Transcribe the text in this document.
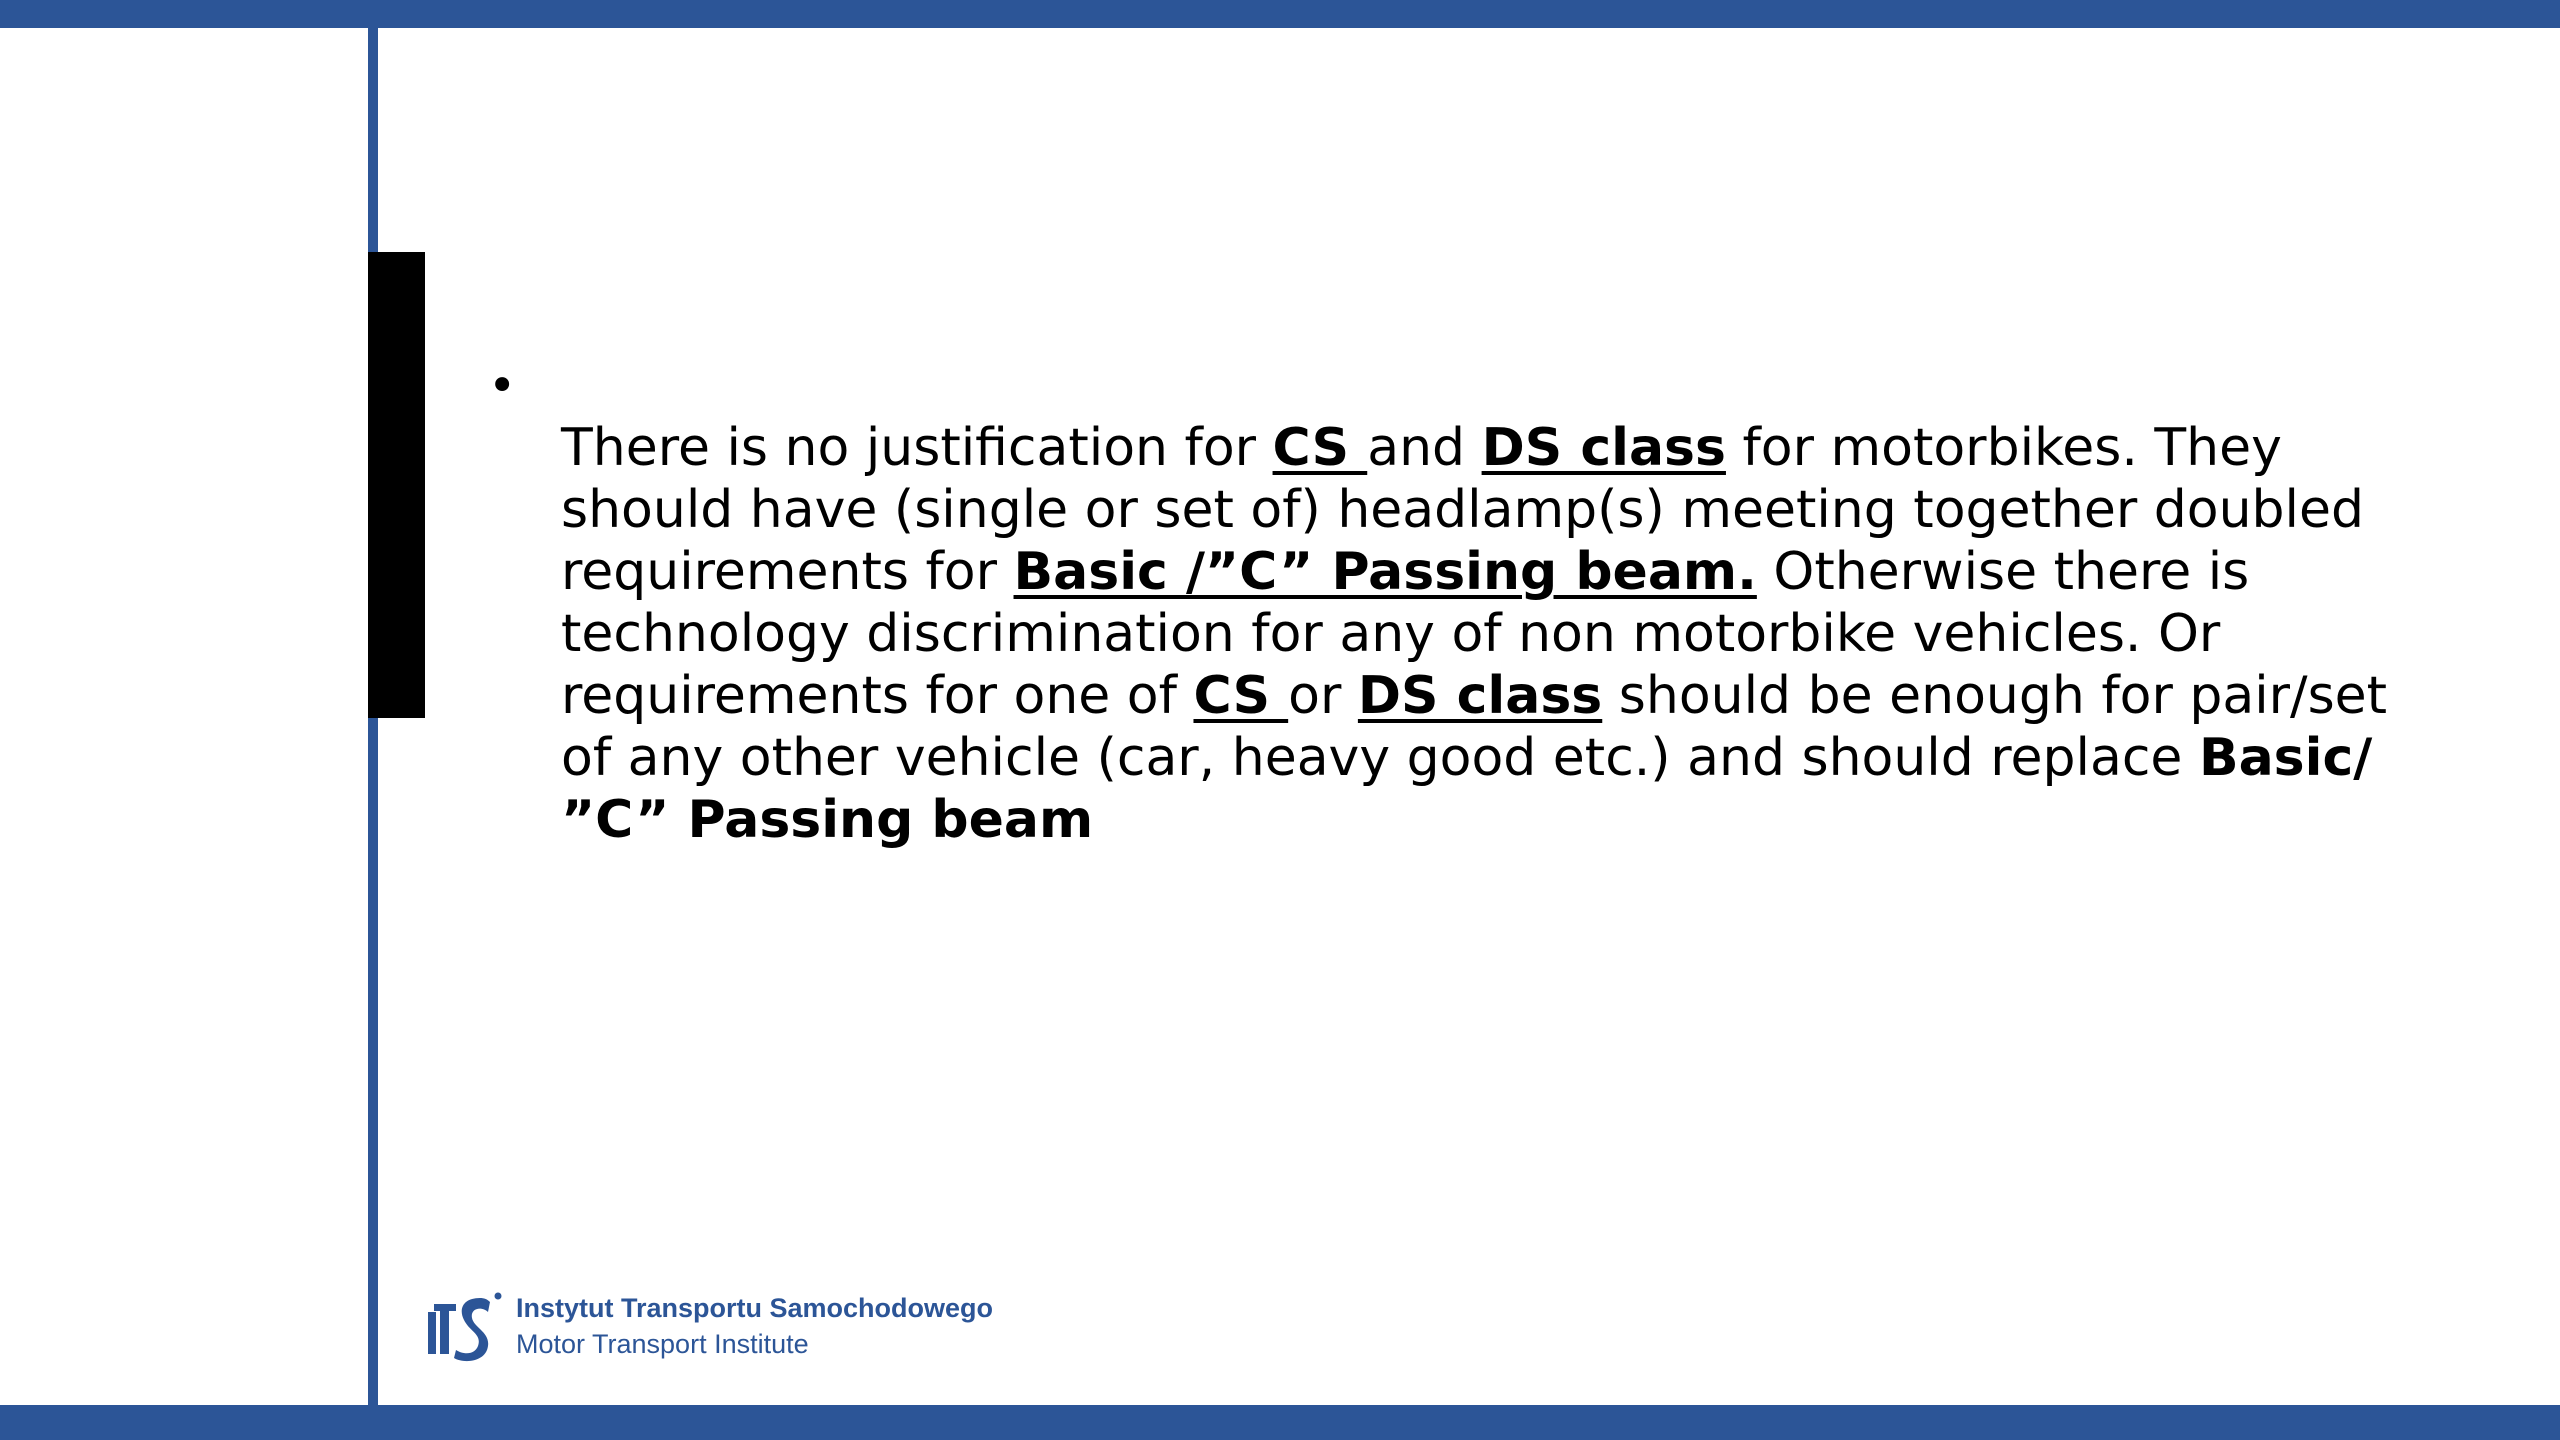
•

There is no justification for CS and DS class for motorbikes. They
should have (single or set of) headlamp(s) meeting together doubled
requirements for Basic /”C” Passing beam. Otherwise there is
technology discrimination for any of non motorbike vehicles. Or
requirements for one of CS or DS class should be enough for pair/set
of any other vehicle (car, heavy good etc.) and should replace Basic/
”C” Passing beam

Instytut Transportu Samochodowego
Motor Transport Institute
